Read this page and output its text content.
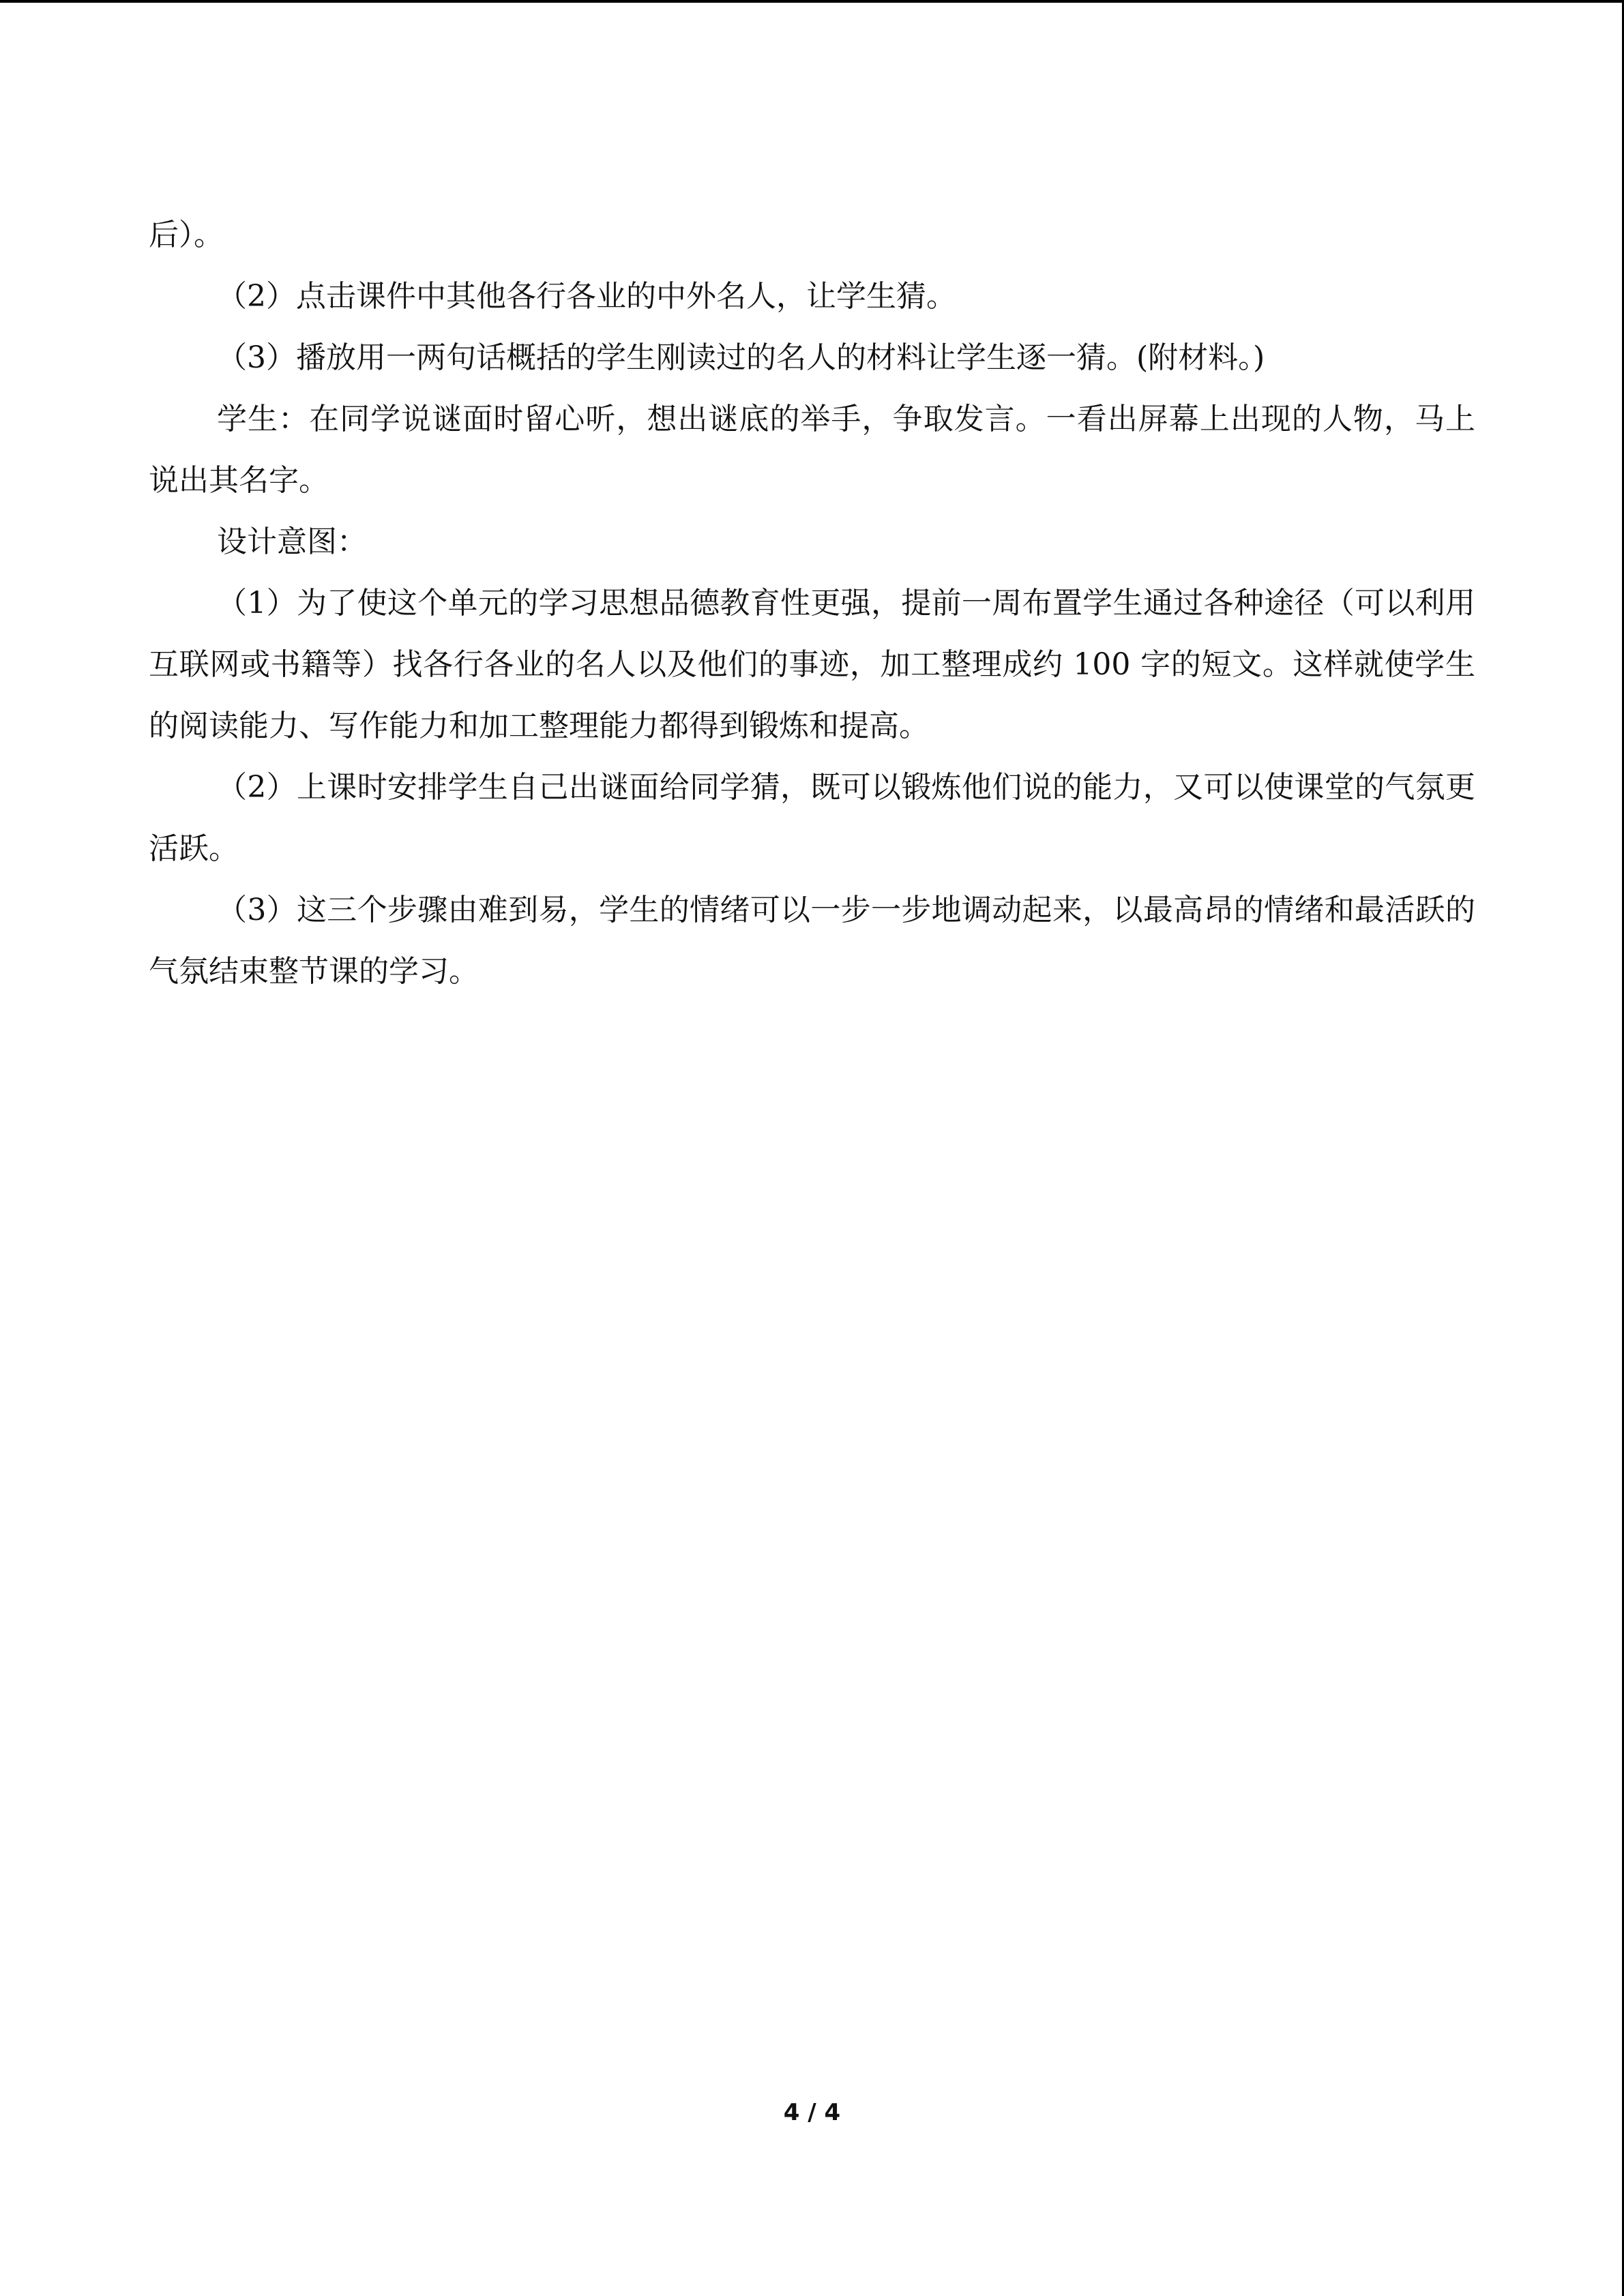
后）。

（2）点击课件中其他各行各业的中外名人，让学生猜。

（3）播放用一两句话概括的学生刚读过的名人的材料让学生逐一猜。(附材料。)

学生：在同学说谜面时留心听，想出谜底的举手，争取发言。一看出屏幕上出现的人物，马上说出其名字。

设计意图：

（1）为了使这个单元的学习思想品德教育性更强，提前一周布置学生通过各种途径（可以利用互联网或书籍等）找各行各业的名人以及他们的事迹，加工整理成约 100 字的短文。这样就使学生的阅读能力、写作能力和加工整理能力都得到锻炼和提高。

（2）上课时安排学生自己出谜面给同学猜，既可以锻炼他们说的能力，又可以使课堂的气氛更活跃。

（3）这三个步骤由难到易，学生的情绪可以一步一步地调动起来，以最高昂的情绪和最活跃的气氛结束整节课的学习。

4 / 4
